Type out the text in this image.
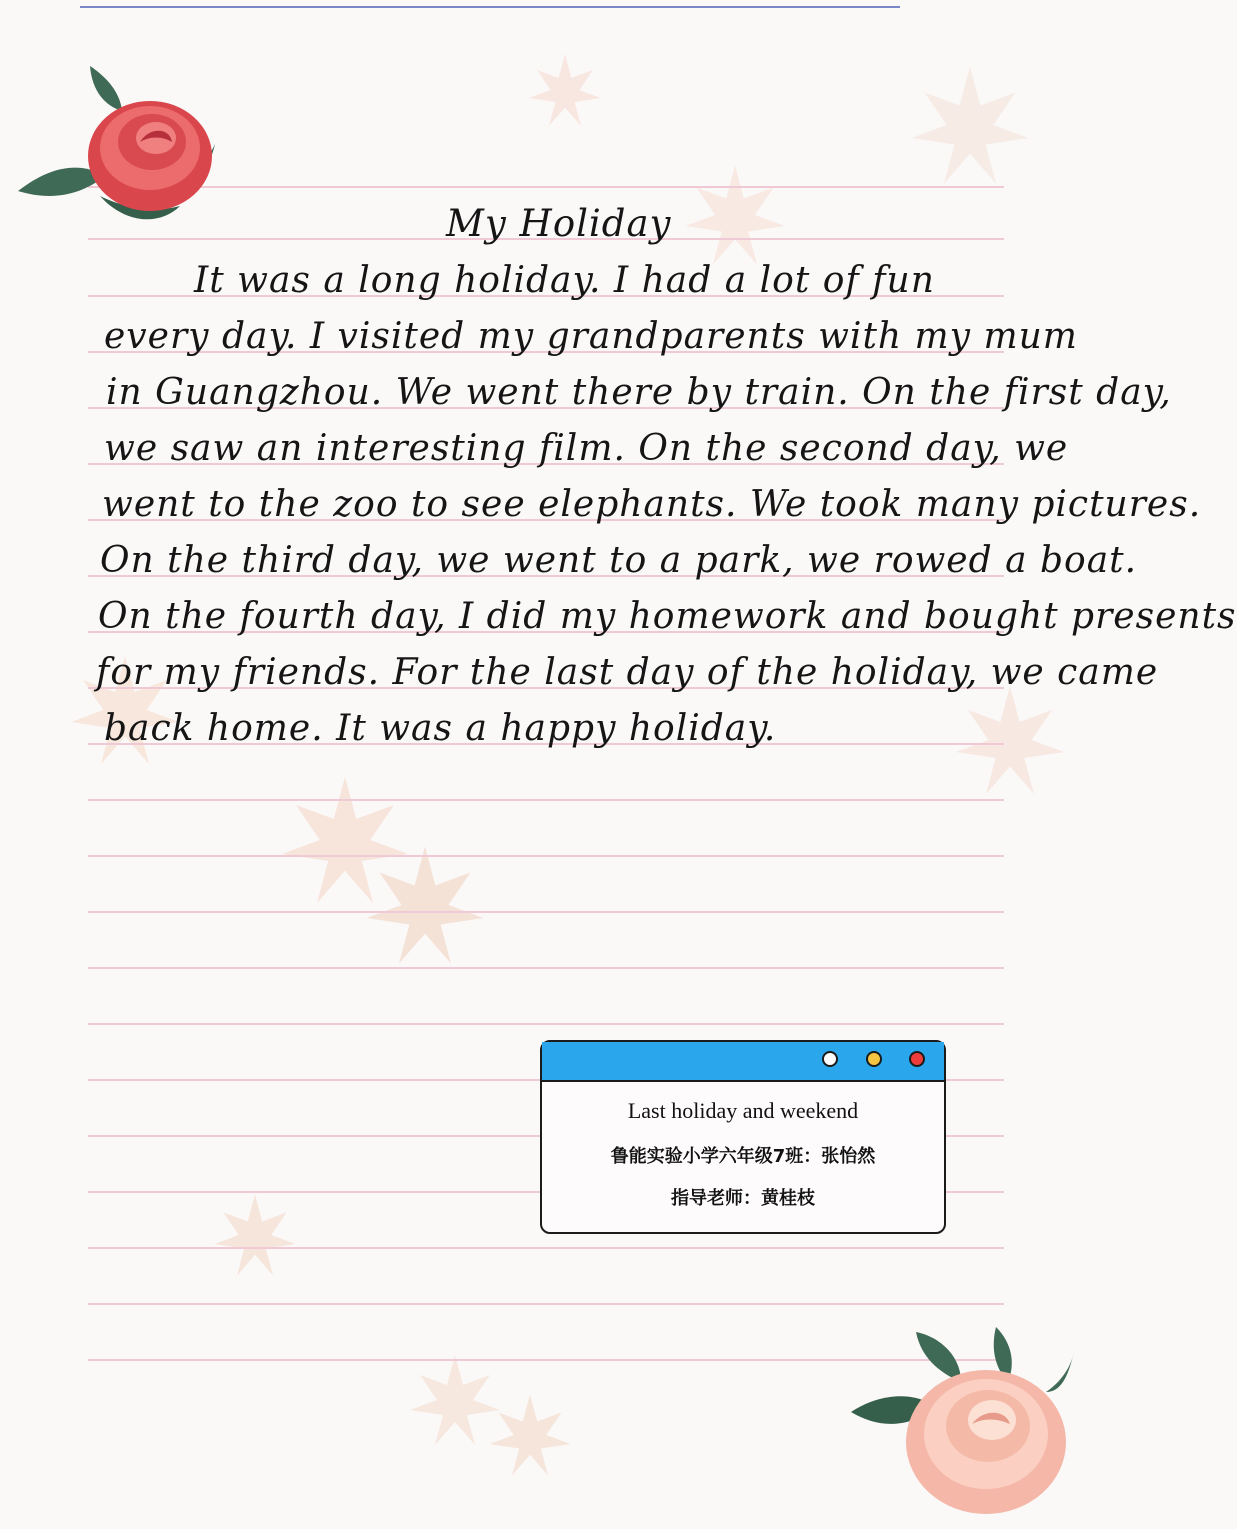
My Holiday
It was a long holiday. I had a lot of fun
every day. I visited my grandparents with my mum
in Guangzhou. We went there by train. On the first day,
we saw an interesting film. On the second day, we
went to the zoo to see elephants. We took many pictures.
On the third day, we went to a park, we rowed a boat.
On the fourth day, I did my homework and bought presents
for my friends. For the last day of the holiday, we came
back home. It was a happy holiday.
Last holiday and weekend
鲁能实验小学六年级7班：张怡然
指导老师：黄桂枝
